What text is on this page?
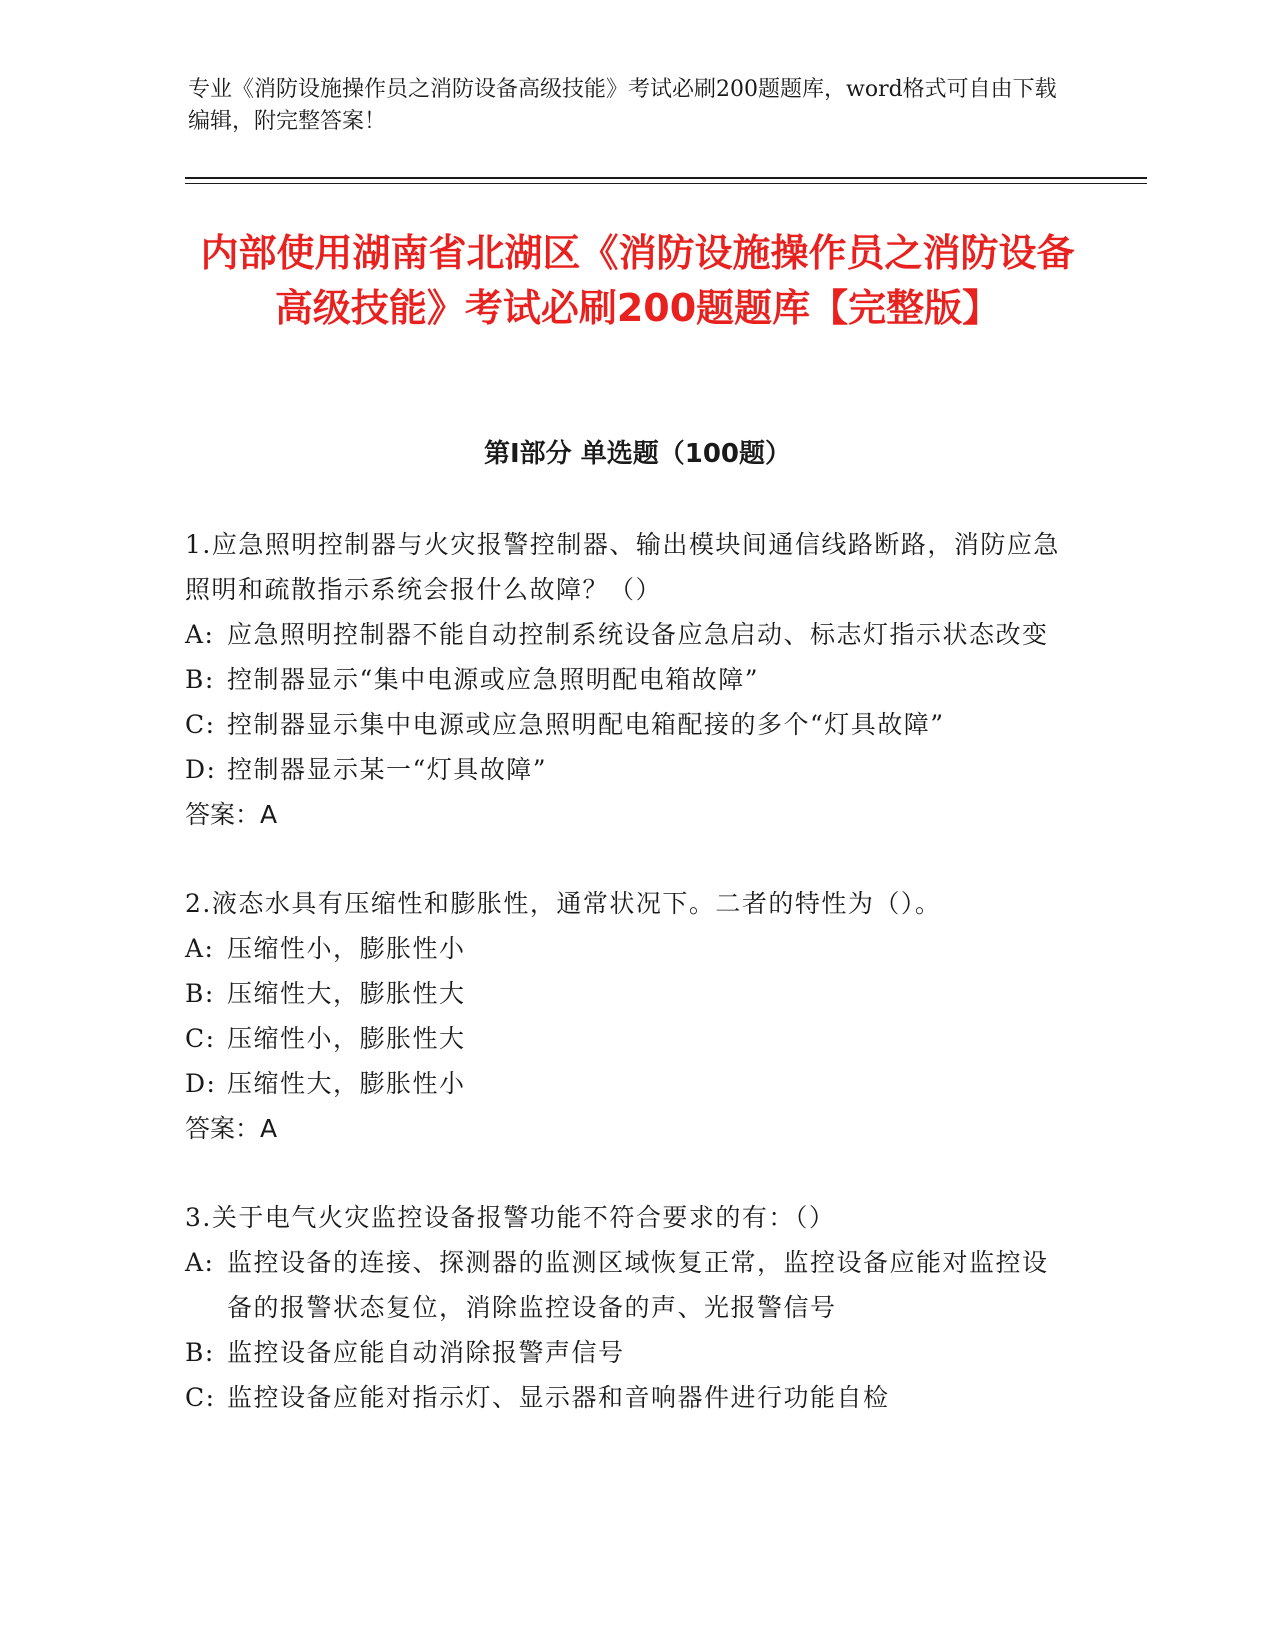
专业《消防设施操作员之消防设备高级技能》考试必刷200题题库，word格式可自由下载编辑，附完整答案！
内部使用湖南省北湖区《消防设施操作员之消防设备高级技能》考试必刷200题题库【完整版】
第I部分 单选题（100题）
1.应急照明控制器与火灾报警控制器、输出模块间通信线路断路，消防应急照明和疏散指示系统会报什么故障？（）
A: 应急照明控制器不能自动控制系统设备应急启动、标志灯指示状态改变
B: 控制器显示“集中电源或应急照明配电箱故障”
C: 控制器显示集中电源或应急照明配电箱配接的多个“灯具故障”
D: 控制器显示某一“灯具故障”
答案：A
2.液态水具有压缩性和膨胀性，通常状况下。二者的特性为（）。
A: 压缩性小，膨胀性小
B: 压缩性大，膨胀性大
C: 压缩性小，膨胀性大
D: 压缩性大，膨胀性小
答案：A
3.关于电气火灾监控设备报警功能不符合要求的有：（）
A: 监控设备的连接、探测器的监测区域恢复正常，监控设备应能对监控设备的报警状态复位，消除监控设备的声、光报警信号
B: 监控设备应能自动消除报警声信号
C: 监控设备应能对指示灯、显示器和音响器件进行功能自检
